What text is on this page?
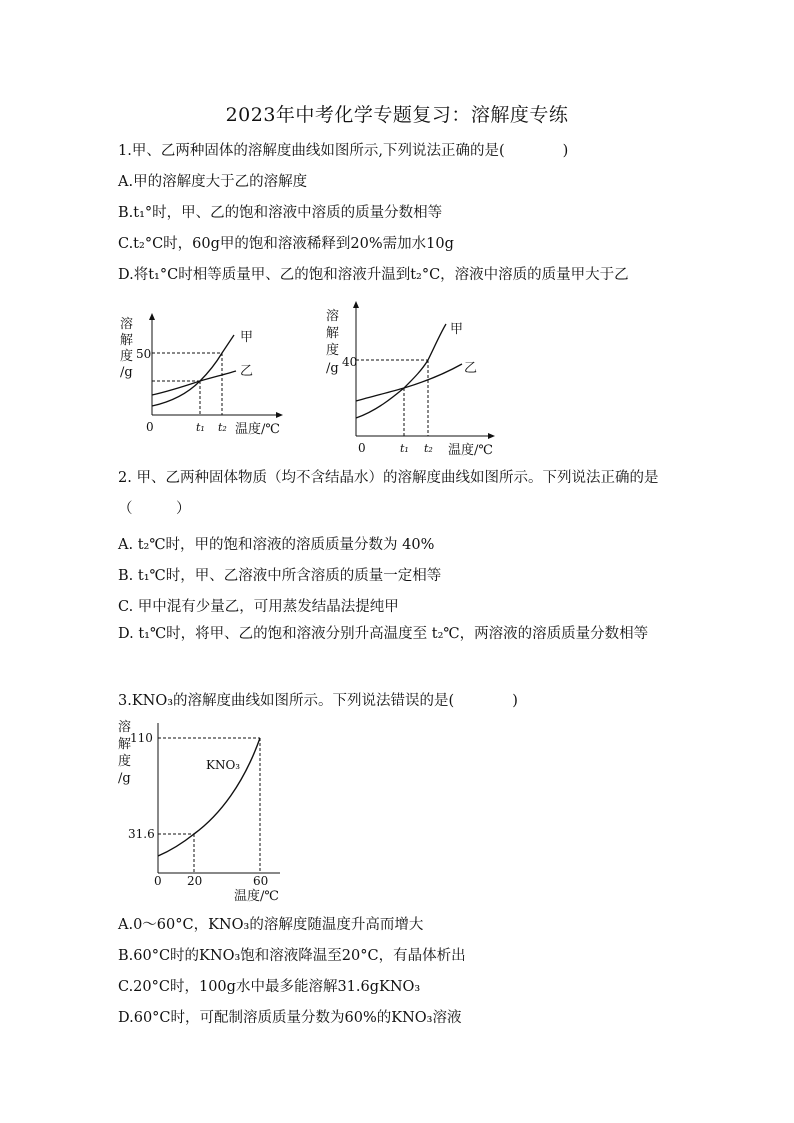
2023年中考化学专题复习：溶解度专练
1.甲、乙两种固体的溶解度曲线如图所示,下列说法正确的是(　　　　)
A.甲的溶解度大于乙的溶解度
B.t₁°时，甲、乙的饱和溶液中溶质的质量分数相等
C.t₂°C时，60g甲的饱和溶液稀释到20%需加水10g
D.将t₁°C时相等质量甲、乙的饱和溶液升温到t₂°C，溶液中溶质的质量甲大于乙
溶
解
度
/g
50
甲
乙
0	t₁ t₂ 温度/℃
溶
解
度
/g 40
甲
乙
0	t₁ t₂ 温度/℃
2. 甲、乙两种固体物质（均不含结晶水）的溶解度曲线如图所示。下列说法正确的是（　　　）
A. t₂℃时，甲的饱和溶液的溶质质量分数为 40%
B. t₁℃时，甲、乙溶液中所含溶质的质量一定相等
C. 甲中混有少量乙，可用蒸发结晶法提纯甲
D. t₁℃时，将甲、乙的饱和溶液分别升高温度至 t₂℃，两溶液的溶质质量分数相等
3.KNO₃的溶解度曲线如图所示。下列说法错误的是(　　　　)
溶
解
度
/g
KNO₃
110
31.6
0 20	60
温度/℃
A.0～60°C，KNO₃的溶解度随温度升高而增大
B.60°C时的KNO₃饱和溶液降温至20°C，有晶体析出
C.20°C时，100g水中最多能溶解31.6gKNO₃
D.60°C时，可配制溶质质量分数为60%的KNO₃溶液
